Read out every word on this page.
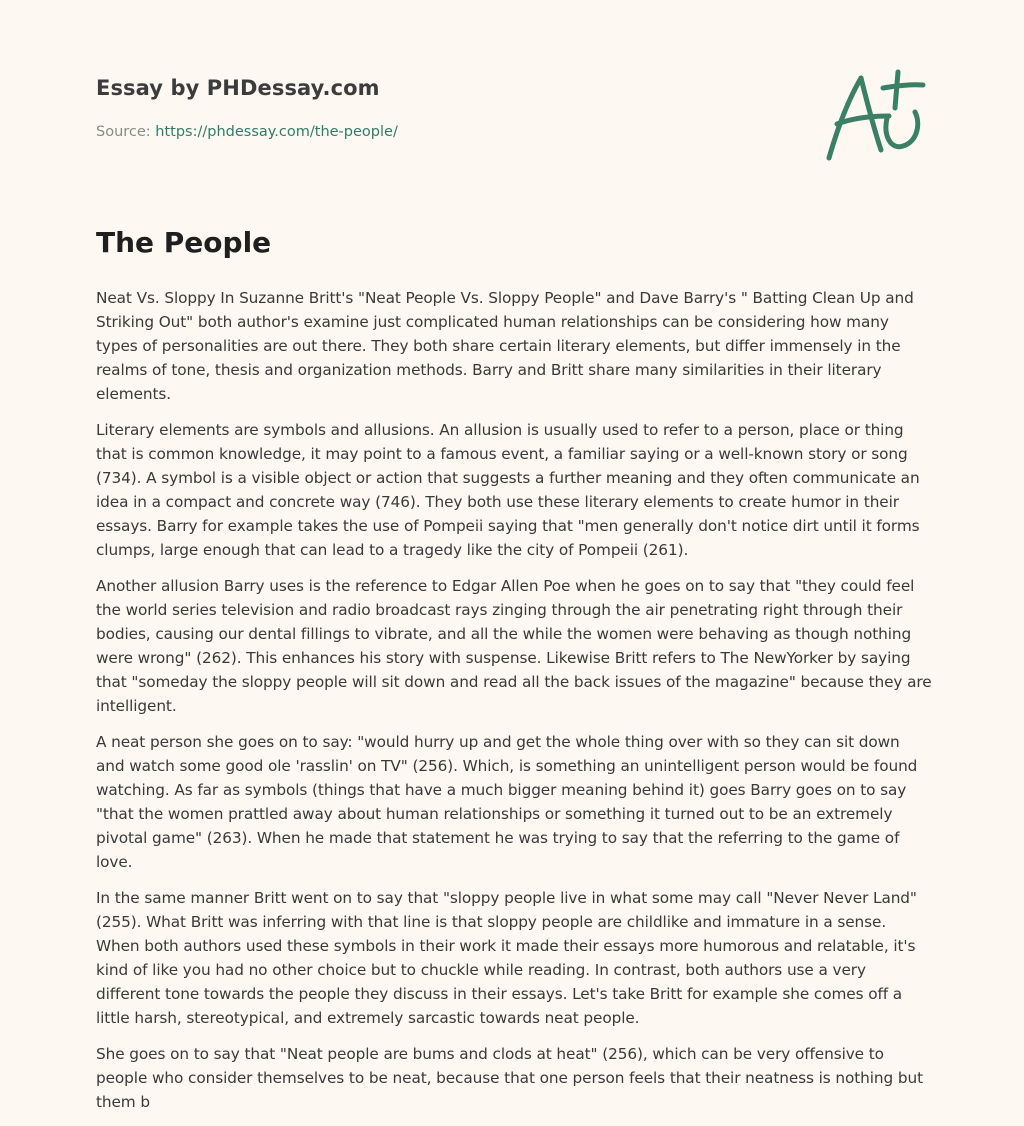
Essay by PHDessay.com
Source: https://phdessay.com/the-people/
The People

Neat Vs. Sloppy In Suzanne Britt's "Neat People Vs. Sloppy People" and Dave Barry's " Batting Clean Up and Striking Out" both author's examine just complicated human relationships can be considering how many types of personalities are out there. They both share certain literary elements, but differ immensely in the realms of tone, thesis and organization methods. Barry and Britt share many similarities in their literary elements.

Literary elements are symbols and allusions. An allusion is usually used to refer to a person, place or thing that is common knowledge, it may point to a famous event, a familiar saying or a well-known story or song (734). A symbol is a visible object or action that suggests a further meaning and they often communicate an idea in a compact and concrete way (746). They both use these literary elements to create humor in their essays. Barry for example takes the use of Pompeii saying that "men generally don't notice dirt until it forms clumps, large enough that can lead to a tragedy like the city of Pompeii (261).

Another allusion Barry uses is the reference to Edgar Allen Poe when he goes on to say that "they could feel the world series television and radio broadcast rays zinging through the air penetrating right through their bodies, causing our dental fillings to vibrate, and all the while the women were behaving as though nothing were wrong" (262). This enhances his story with suspense. Likewise Britt refers to The NewYorker by saying that "someday the sloppy people will sit down and read all the back issues of the magazine" because they are intelligent.

A neat person she goes on to say: "would hurry up and get the whole thing over with so they can sit down and watch some good ole 'rasslin' on TV" (256). Which, is something an unintelligent person would be found watching. As far as symbols (things that have a much bigger meaning behind it) goes Barry goes on to say "that the women prattled away about human relationships or something it turned out to be an extremely pivotal game" (263). When he made that statement he was trying to say that the referring to the game of love.

In the same manner Britt went on to say that "sloppy people live in what some may call "Never Never Land" (255). What Britt was inferring with that line is that sloppy people are childlike and immature in a sense. When both authors used these symbols in their work it made their essays more humorous and relatable, it's kind of like you had no other choice but to chuckle while reading. In contrast, both authors use a very different tone towards the people they discuss in their essays. Let's take Britt for example she comes off a little harsh, stereotypical, and extremely sarcastic towards neat people.

She goes on to say that "Neat people are bums and clods at heat" (256), which can be very offensive to people who consider themselves to be neat, because that one person feels that their neatness is nothing but them b
